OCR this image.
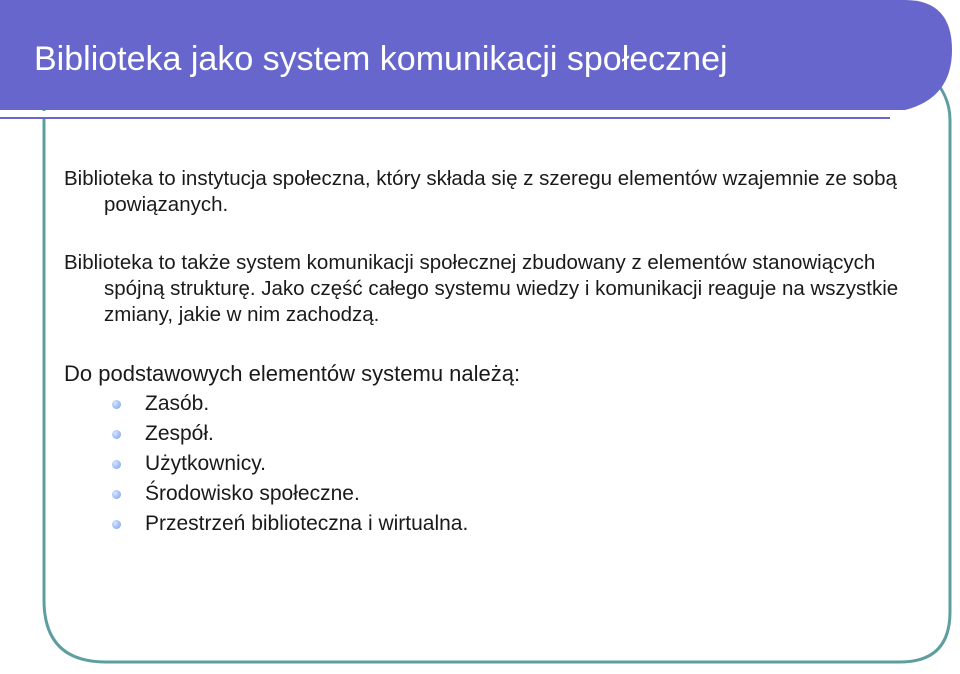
Biblioteka jako system komunikacji społecznej

Biblioteka to instytucja społeczna, który składa się z szeregu elementów wzajemnie ze sobą powiązanych.

Biblioteka to także system komunikacji społecznej zbudowany z elementów stanowiących spójną strukturę. Jako część całego systemu wiedzy i komunikacji reaguje na wszystkie zmiany, jakie w nim zachodzą.

Do podstawowych elementów systemu należą:

Zasób.
Zespół.
Użytkownicy.
Środowisko społeczne.
Przestrzeń biblioteczna i wirtualna.
